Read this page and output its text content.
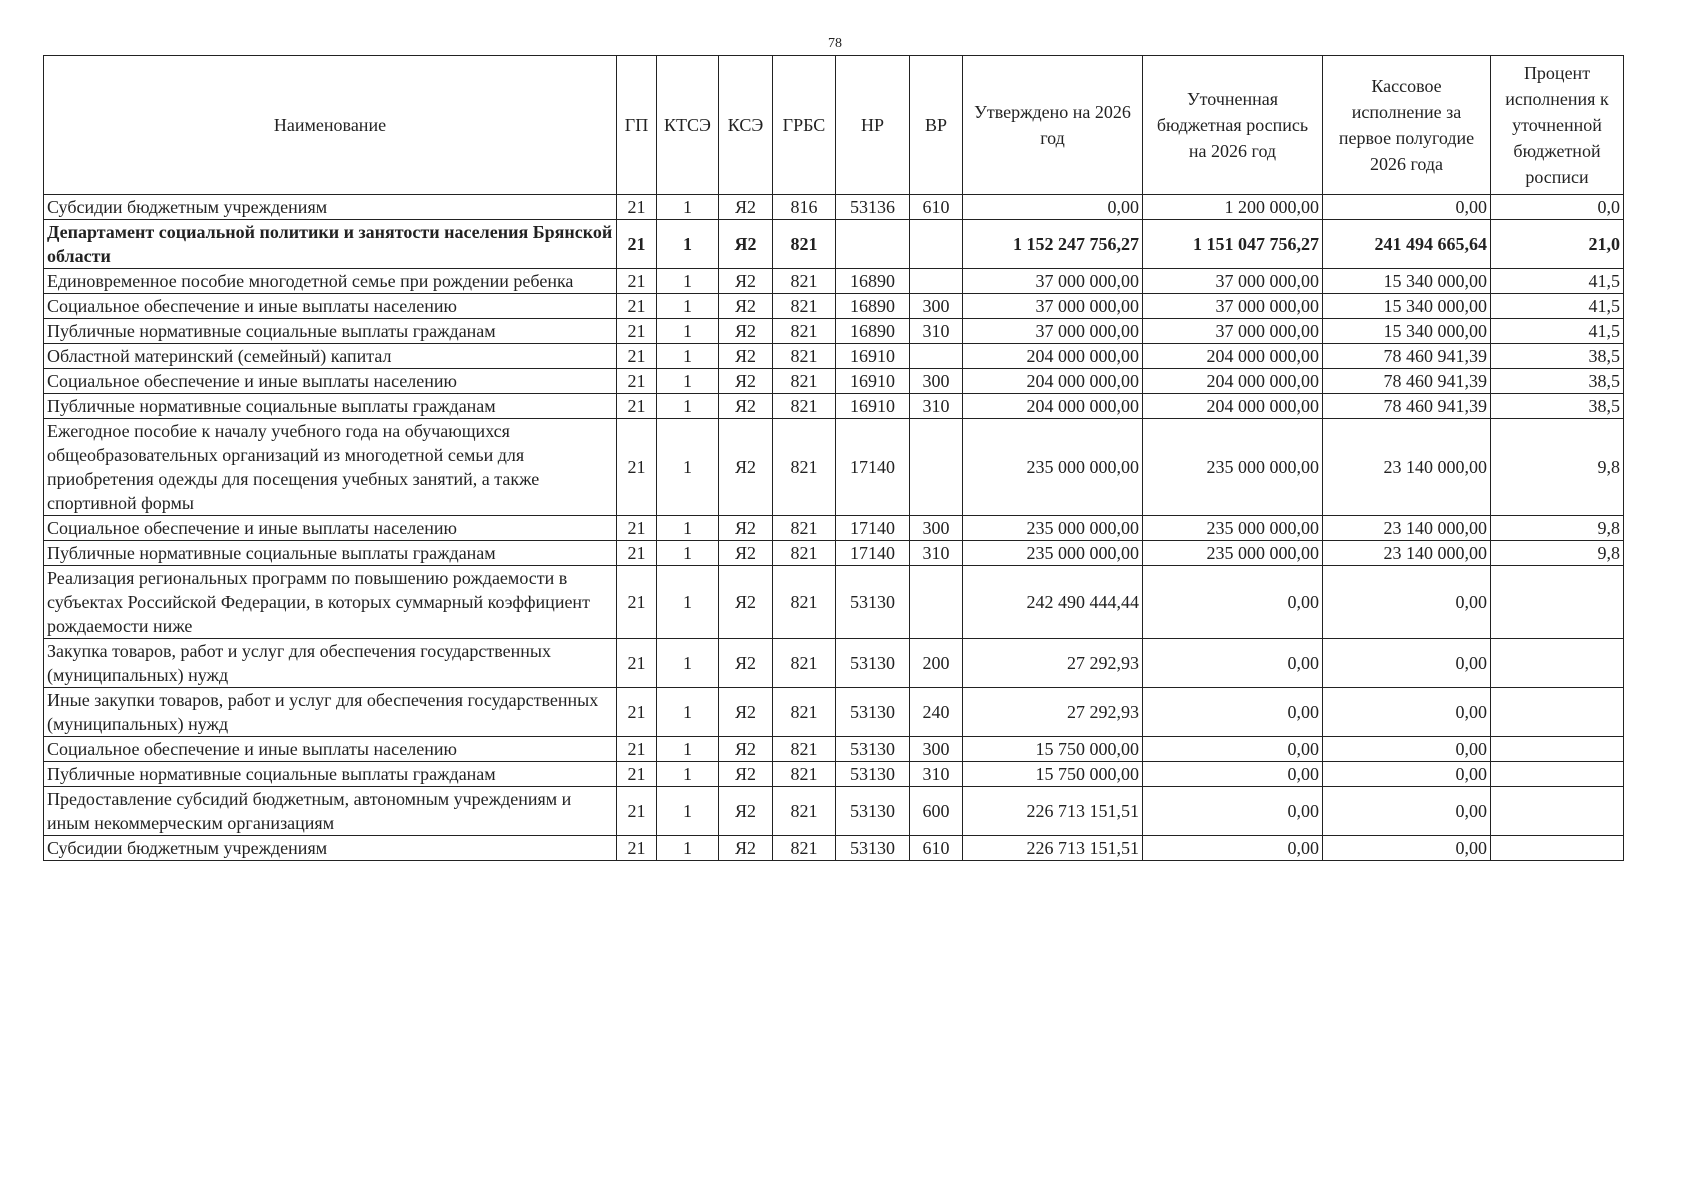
78
Наименование	ГП	КТСЭ	КСЭ	ГРБС	НР	ВР	Утверждено на 2026 год	Уточненная бюджетная роспись на 2026 год	Кассовое исполнение за первое полугодие 2026 года	Процент исполнения к уточненной бюджетной росписи
Субсидии бюджетным учреждениям	21	1	Я2	816	53136	610	0,00	1 200 000,00	0,00	0,0
Департамент социальной политики и занятости населения Брянской области	21	1	Я2	821			1 152 247 756,27	1 151 047 756,27	241 494 665,64	21,0
Единовременное пособие многодетной семье при рождении ребенка	21	1	Я2	821	16890		37 000 000,00	37 000 000,00	15 340 000,00	41,5
Социальное обеспечение и иные выплаты населению	21	1	Я2	821	16890	300	37 000 000,00	37 000 000,00	15 340 000,00	41,5
Публичные нормативные социальные выплаты гражданам	21	1	Я2	821	16890	310	37 000 000,00	37 000 000,00	15 340 000,00	41,5
Областной материнский (семейный) капитал	21	1	Я2	821	16910		204 000 000,00	204 000 000,00	78 460 941,39	38,5
Социальное обеспечение и иные выплаты населению	21	1	Я2	821	16910	300	204 000 000,00	204 000 000,00	78 460 941,39	38,5
Публичные нормативные социальные выплаты гражданам	21	1	Я2	821	16910	310	204 000 000,00	204 000 000,00	78 460 941,39	38,5
Ежегодное пособие к началу учебного года на обучающихся общеобразовательных организаций из многодетной семьи для приобретения одежды для посещения учебных занятий, а также спортивной формы	21	1	Я2	821	17140		235 000 000,00	235 000 000,00	23 140 000,00	9,8
Социальное обеспечение и иные выплаты населению	21	1	Я2	821	17140	300	235 000 000,00	235 000 000,00	23 140 000,00	9,8
Публичные нормативные социальные выплаты гражданам	21	1	Я2	821	17140	310	235 000 000,00	235 000 000,00	23 140 000,00	9,8
Реализация региональных программ по повышению рождаемости в субъектах Российской Федерации, в которых суммарный коэффициент рождаемости ниже	21	1	Я2	821	53130		242 490 444,44	0,00	0,00	
Закупка товаров, работ и услуг для обеспечения государственных (муниципальных) нужд	21	1	Я2	821	53130	200	27 292,93	0,00	0,00	
Иные закупки товаров, работ и услуг для обеспечения государственных (муниципальных) нужд	21	1	Я2	821	53130	240	27 292,93	0,00	0,00	
Социальное обеспечение и иные выплаты населению	21	1	Я2	821	53130	300	15 750 000,00	0,00	0,00	
Публичные нормативные социальные выплаты гражданам	21	1	Я2	821	53130	310	15 750 000,00	0,00	0,00	
Предоставление субсидий бюджетным, автономным учреждениям и иным некоммерческим организациям	21	1	Я2	821	53130	600	226 713 151,51	0,00	0,00	
Субсидии бюджетным учреждениям	21	1	Я2	821	53130	610	226 713 151,51	0,00	0,00	
